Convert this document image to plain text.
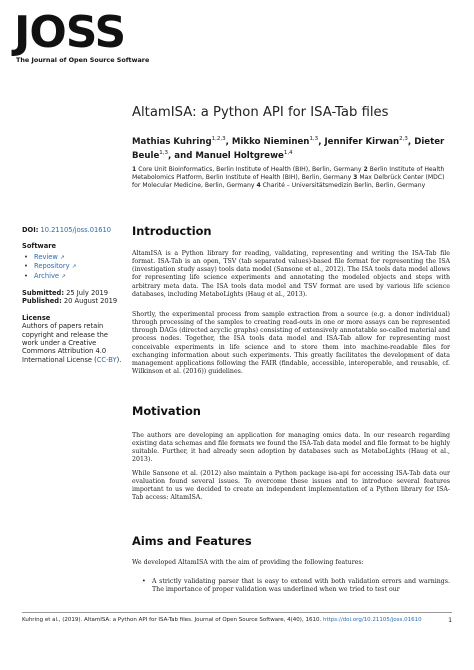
JOSS
The Journal of Open Source Software
DOI: 10.21105/joss.01610
Software
• Review ↗
• Repository ↗
• Archive ↗
Submitted: 25 July 2019
Published: 20 August 2019
License
Authors of papers retain copyright and release the work under a Creative Commons Attribution 4.0 International License (CC-BY).
AltamISA: a Python API for ISA-Tab files
Mathias Kuhring$^{1,2,3}$, Mikko Nieminen$^{1,3}$, Jennifer Kirwan$^{2,3}$, Dieter Beule$^{1,3}$, and Manuel Holtgrewe$^{1,4}$
1 Core Unit Bioinformatics, Berlin Institute of Health (BIH), Berlin, Germany 2 Berlin Institute of Health Metabolomics Platform, Berlin Institute of Health (BIH), Berlin, Germany 3 Max Delbrück Center (MDC) for Molecular Medicine, Berlin, Germany 4 Charité – Universitätsmedizin Berlin, Berlin, Germany
Introduction

AltamISA is a Python library for reading, validating, representing and writing the ISA-Tab file format. ISA-Tab is an open, TSV (tab separated values)-based file format for representing the ISA (investigation study assay) tools data model (Sansone et al., 2012). The ISA tools data model allows for representing life science experiments and annotating the modeled objects and steps with arbitrary meta data. The ISA tools data model and TSV format are used by various life science databases, including MetaboLights (Haug et al., 2013).

Shortly, the experimental process from sample extraction from a source (e.g. a donor individual) through processing of the samples to creating read-outs in one or more assays can be represented through DAGs (directed acyclic graphs) consisting of extensively annotatable so-called material and process nodes. Together, the ISA tools data model and ISA-Tab allow for representing most conceivable experiments in life science and to store them into machine-readable files for exchanging information about such experiments. This greatly facilitates the development of data management applications following the FAIR (findable, accessible, interoperable, and reusable, cf. Wilkinson et al. (2016)) guidelines.

Motivation

The authors are developing an application for managing omics data. In our research regarding existing data schemas and file formats we found the ISA-Tab data model and file format to be highly suitable. Further, it had already seen adoption by databases such as MetaboLights (Haug et al., 2013).

While Sansone et al. (2012) also maintain a Python package isa-api for accessing ISA-Tab data our evaluation found several issues. To overcome these issues and to introduce several features important to us we decided to create an independent implementation of a Python library for ISA-Tab access: AltamISA.

Aims and Features

We developed AltamISA with the aim of providing the following features:

• A strictly validating parser that is easy to extend with both validation errors and warnings. The importance of proper validation was underlined when we tried to test our
Kuhring et al., (2019). AltamISA: a Python API for ISA-Tab files. Journal of Open Source Software, 4(40), 1610. https://doi.org/10.21105/joss.01610	1
